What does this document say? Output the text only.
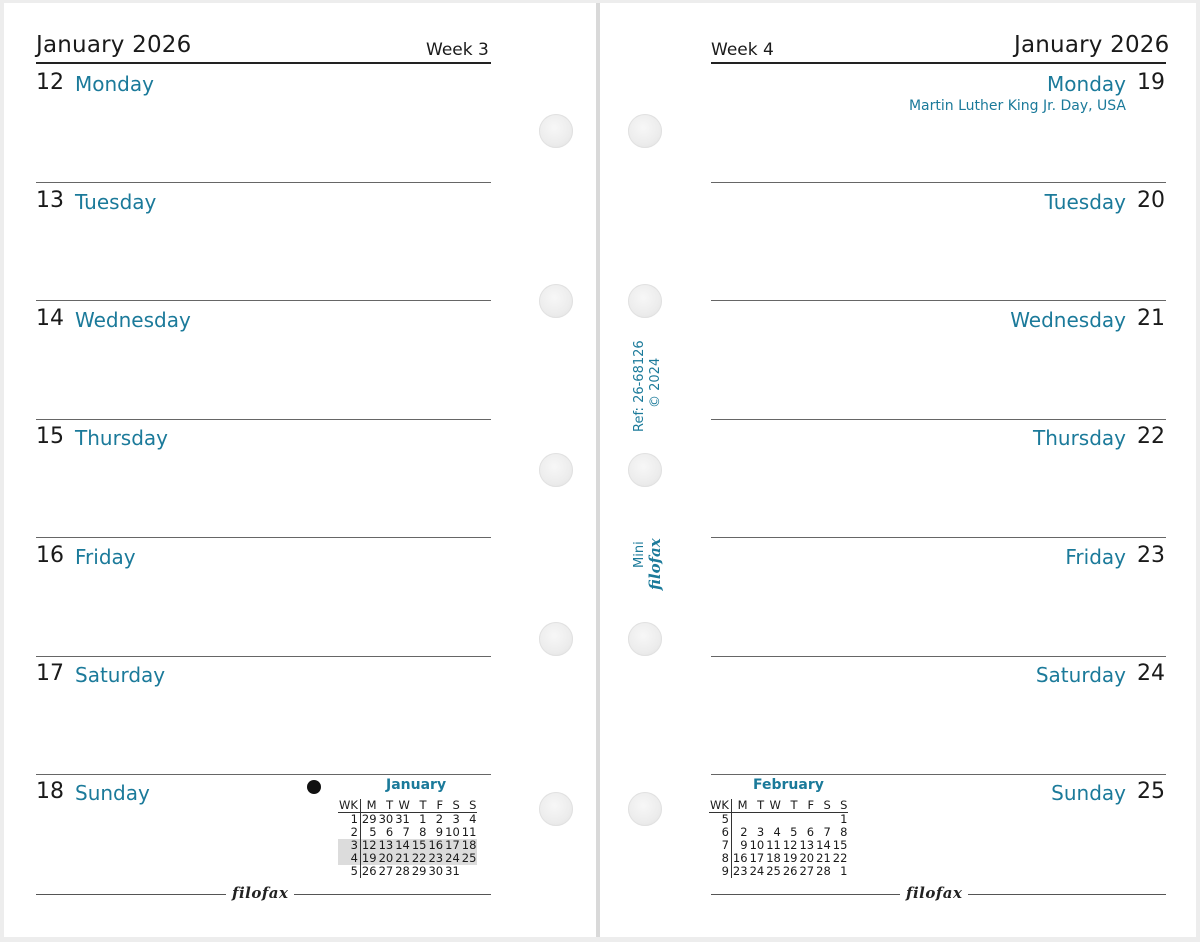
January 2026	Week 3	Week 4	January 2026
12 Monday
13 Tuesday
14 Wednesday
15 Thursday
16 Friday
17 Saturday
18 Sunday
Monday 19
Martin Luther King Jr. Day, USA
Tuesday 20
Wednesday 21
Thursday 22
Friday 23
Saturday 24
Sunday 25
Ref: 26-68126 © 2024
Mini filofax
January
WK	M	T	W	T	F	S	S
1	29	30	31	1	2	3	4
2	5	6	7	8	9	10	11
3	12	13	14	15	16	17	18
4	19	20	21	22	23	24	25
5	26	27	28	29	30	31	
February
WK	M	T	W	T	F	S	S
5							1
6	2	3	4	5	6	7	8
7	9	10	11	12	13	14	15
8	16	17	18	19	20	21	22
9	23	24	25	26	27	28	1
filofax	filofax
